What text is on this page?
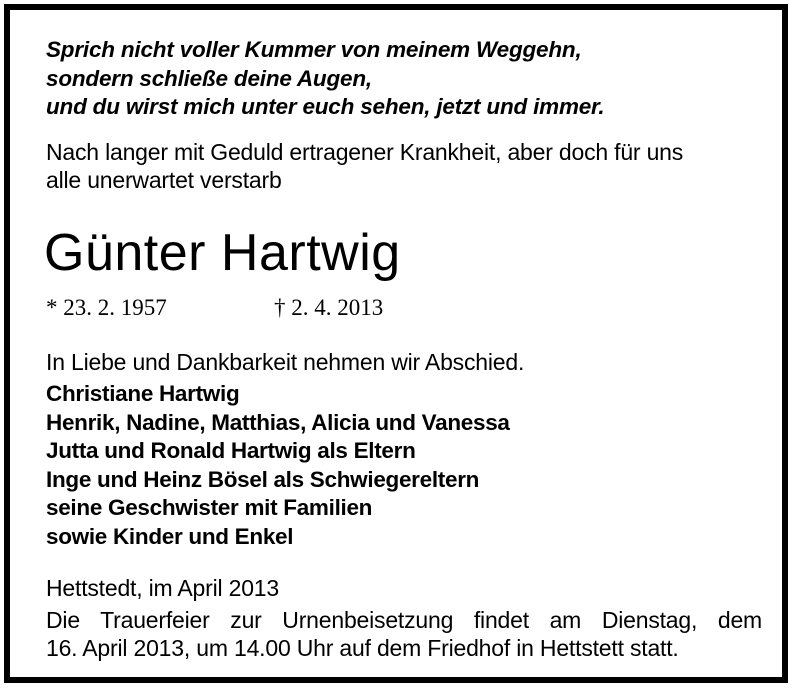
Sprich nicht voller Kummer von meinem Weggehn,
sondern schließe deine Augen,
und du wirst mich unter euch sehen, jetzt und immer.
Nach langer mit Geduld ertragener Krankheit, aber doch für uns
alle unerwartet verstarb
Günter Hartwig
* 23. 2. 1957	† 2. 4. 2013
In Liebe und Dankbarkeit nehmen wir Abschied.
Christiane Hartwig
Henrik, Nadine, Matthias, Alicia und Vanessa
Jutta und Ronald Hartwig als Eltern
Inge und Heinz Bösel als Schwiegereltern
seine Geschwister mit Familien
sowie Kinder und Enkel
Hettstedt, im April 2013
Die Trauerfeier zur Urnenbeisetzung findet am Dienstag, dem
16. April 2013, um 14.00 Uhr auf dem Friedhof in Hettstett statt.
